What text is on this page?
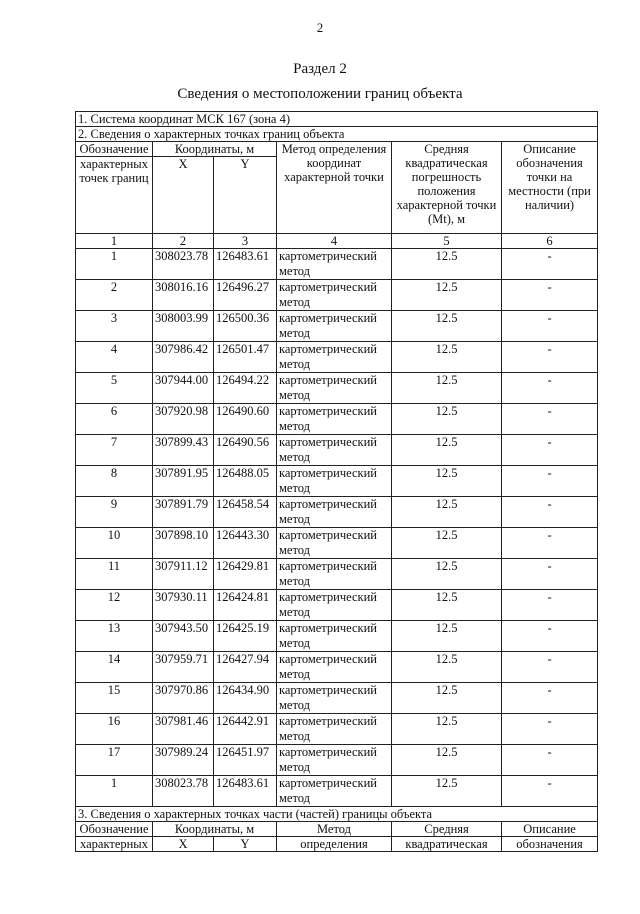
2
Раздел 2
Сведения о местоположении границ объекта
1. Система координат МСК 167 (зона 4)					
2. Сведения о характерных точках границ объекта					
Обозначение	Координаты, м		Метод определения координат характерной точки	Средняя квадратическая погрешность положения характерной точки (Mt), м	Описание обозначения точки на местности (при наличии)
характерных точек границ	X	Y			
1	2	3	4	5	6
1	308023.78	126483.61	картометрический метод	12.5	-
2	308016.16	126496.27	картометрический метод	12.5	-
3	308003.99	126500.36	картометрический метод	12.5	-
4	307986.42	126501.47	картометрический метод	12.5	-
5	307944.00	126494.22	картометрический метод	12.5	-
6	307920.98	126490.60	картометрический метод	12.5	-
7	307899.43	126490.56	картометрический метод	12.5	-
8	307891.95	126488.05	картометрический метод	12.5	-
9	307891.79	126458.54	картометрический метод	12.5	-
10	307898.10	126443.30	картометрический метод	12.5	-
11	307911.12	126429.81	картометрический метод	12.5	-
12	307930.11	126424.81	картометрический метод	12.5	-
13	307943.50	126425.19	картометрический метод	12.5	-
14	307959.71	126427.94	картометрический метод	12.5	-
15	307970.86	126434.90	картометрический метод	12.5	-
16	307981.46	126442.91	картометрический метод	12.5	-
17	307989.24	126451.97	картометрический метод	12.5	-
1	308023.78	126483.61	картометрический метод	12.5	-
3. Сведения о характерных точках части (частей) границы объекта					
Обозначение	Координаты, м		Метод	Средняя	Описание
характерных	X	Y	определения	квадратическая	обозначения
